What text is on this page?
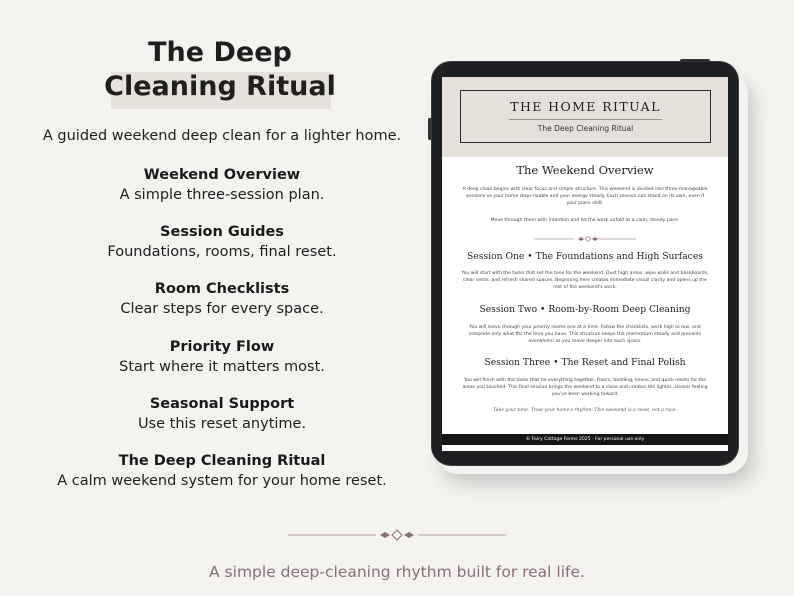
The Deep
Cleaning Ritual

A guided weekend deep clean for a lighter home.

Weekend Overview
A simple three-session plan.
Session Guides
Foundations, rooms, final reset.
Room Checklists
Clear steps for every space.
Priority Flow
Start where it matters most.
Seasonal Support
Use this reset anytime.
The Deep Cleaning Ritual
A calm weekend system for your home reset.
THE HOME RITUAL
The Deep Cleaning Ritual
The Weekend Overview

A deep clean begins with clear focus and simple structure. This weekend is divided into three manageable sessions so your home stays livable and your energy steady. Each session can stand on its own, even if your plans shift.

Move through them with intention and let the work unfold at a calm, steady pace.

Session One • The Foundations and High Surfaces

You will start with the tasks that set the tone for the weekend. Dust high areas, wipe walls and baseboards, clear vents, and refresh shared spaces. Beginning here creates immediate visual clarity and opens up the rest of the weekend's work.

Session Two • Room-by-Room Deep Cleaning

You will move through your priority rooms one at a time. Follow the checklists, work high to low, and complete only what fits the time you have. This structure keeps the momentum steady and prevents overwhelm as you move deeper into each space.

Session Three • The Reset and Final Polish

You will finish with the tasks that tie everything together. Floors, bedding, linens, and quick resets for the areas you touched. This final session brings the weekend to a close and creates the lighter, clearer feeling you've been working toward.

Take your time. Trust your home's rhythm. This weekend is a reset, not a race.

© Fairy Cottage Farms 2025 · For personal use only

A simple deep-cleaning rhythm built for real life.
